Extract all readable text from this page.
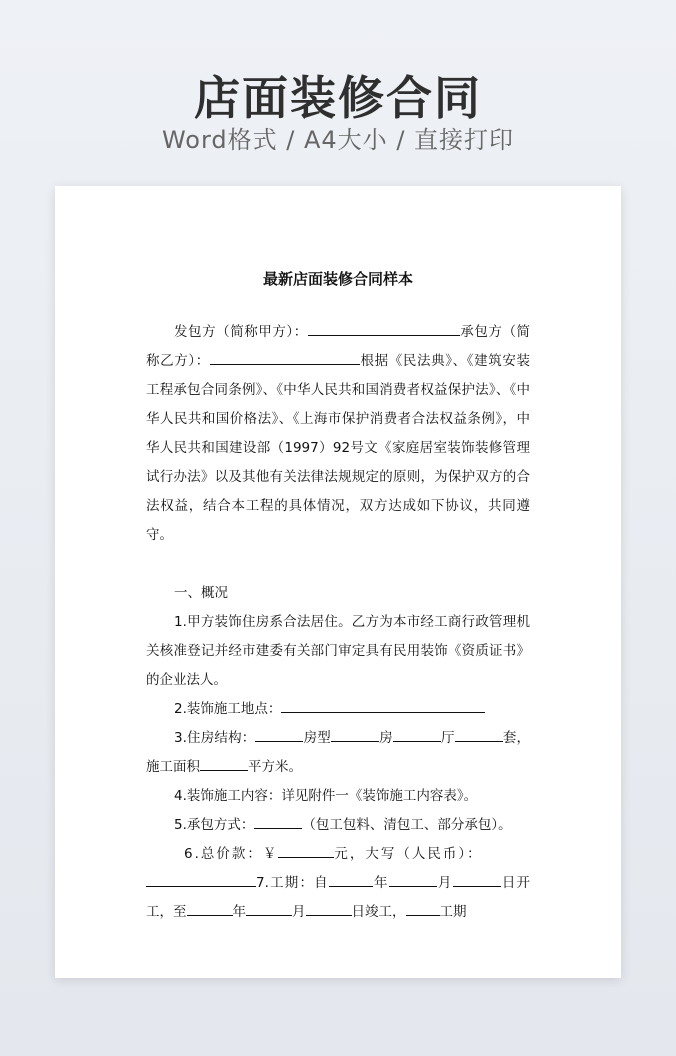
店面装修合同
Word格式 / A4大小 / 直接打印
最新店面装修合同样本

发包方（简称甲方）：	承包方（简称乙方）：	根据《民法典》、《建筑安装工程承包合同条例》、《中华人民共和国消费者权益保护法》、《中华人民共和国价格法》、《上海市保护消费者合法权益条例》，中华人民共和国建设部（1997）92号文《家庭居室装饰装修管理试行办法》以及其他有关法律法规规定的原则，为保护双方的合法权益，结合本工程的具体情况，双方达成如下协议，共同遵守。

一、概况

1.甲方装饰住房系合法居住。乙方为本市经工商行政管理机关核准登记并经市建委有关部门审定具有民用装饰《资质证书》的企业法人。

2.装饰施工地点：

3.住房结构：	房型	房	厅	套，施工面积	平方米。

4.装饰施工内容：详见附件一《装饰施工内容表》。

5.承包方式：	（包工包料、清包工、部分承包）。

6.总价款：￥	元，大写（人民币）：

7.工期：自	年	月	日开工，至	年	月	日竣工，	工期
